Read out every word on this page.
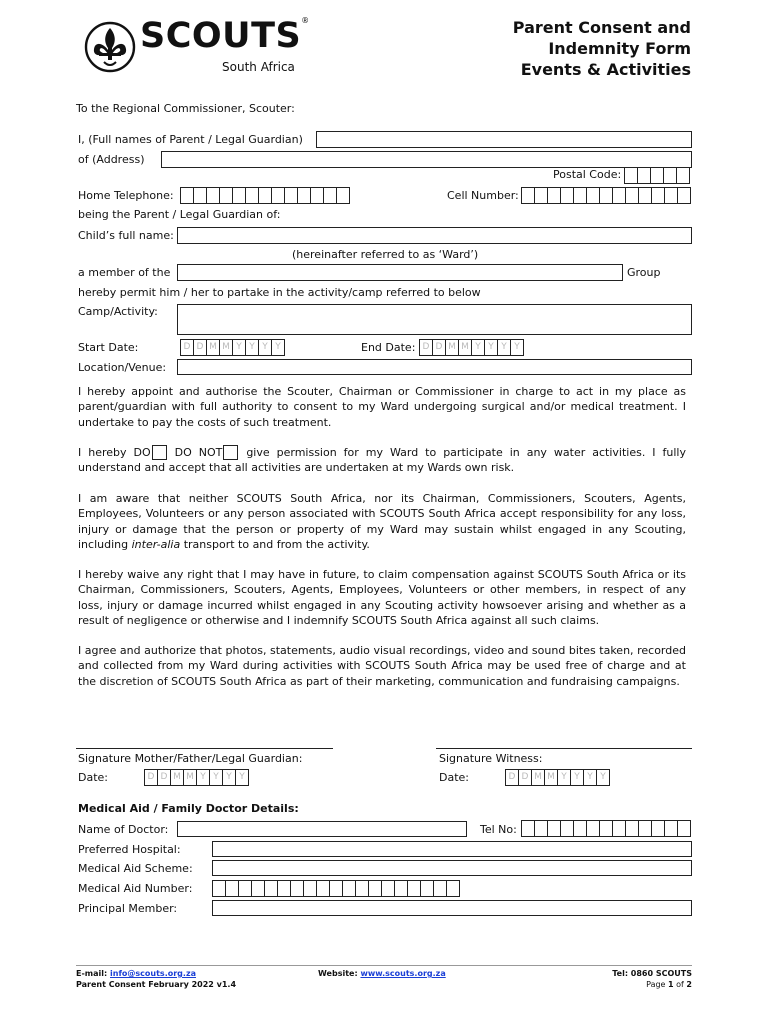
SCOUTS®
South Africa
Parent Consent and
Indemnity Form
Events & Activities
To the Regional Commissioner, Scouter:
I, (Full names of Parent / Legal Guardian)
of (Address)
Postal Code:
Home Telephone:	Cell Number:
being the Parent / Legal Guardian of:
Child’s full name:
(hereinafter referred to as ‘Ward’)
a member of the	Group
hereby permit him / her to partake in the activity/camp referred to below
Camp/Activity:
Start Date:	D D M M Y Y Y Y	End Date: D D M M Y Y Y Y
Location/Venue:
I hereby appoint and authorise the Scouter, Chairman or Commissioner in charge to act in my place as parent/guardian with full authority to consent to my Ward undergoing surgical and/or medical treatment. I undertake to pay the costs of such treatment.
I hereby DO DO NOT give permission for my Ward to participate in any water activities. I fully understand and accept that all activities are undertaken at my Wards own risk.
I am aware that neither SCOUTS South Africa, nor its Chairman, Commissioners, Scouters, Agents, Employees, Volunteers or any person associated with SCOUTS South Africa accept responsibility for any loss, injury or damage that the person or property of my Ward may sustain whilst engaged in any Scouting, including inter-alia transport to and from the activity.
I hereby waive any right that I may have in future, to claim compensation against SCOUTS South Africa or its Chairman, Commissioners, Scouters, Agents, Employees, Volunteers or other members, in respect of any loss, injury or damage incurred whilst engaged in any Scouting activity howsoever arising and whether as a result of negligence or otherwise and I indemnify SCOUTS South Africa against all such claims.
I agree and authorize that photos, statements, audio visual recordings, video and sound bites taken, recorded and collected from my Ward during activities with SCOUTS South Africa may be used free of charge and at the discretion of SCOUTS South Africa as part of their marketing, communication and fundraising campaigns.
Signature Mother/Father/Legal Guardian:
Date:	D D M M Y Y Y Y
Signature Witness:
Date:	D D M M Y Y Y Y
Medical Aid / Family Doctor Details:
Name of Doctor:	Tel No:
Preferred Hospital:
Medical Aid Scheme:
Medical Aid Number:
Principal Member:
E-mail: info@scouts.org.za	Website: www.scouts.org.za	Tel: 0860 SCOUTS
Parent Consent February 2022 v1.4	Page 1 of 2
